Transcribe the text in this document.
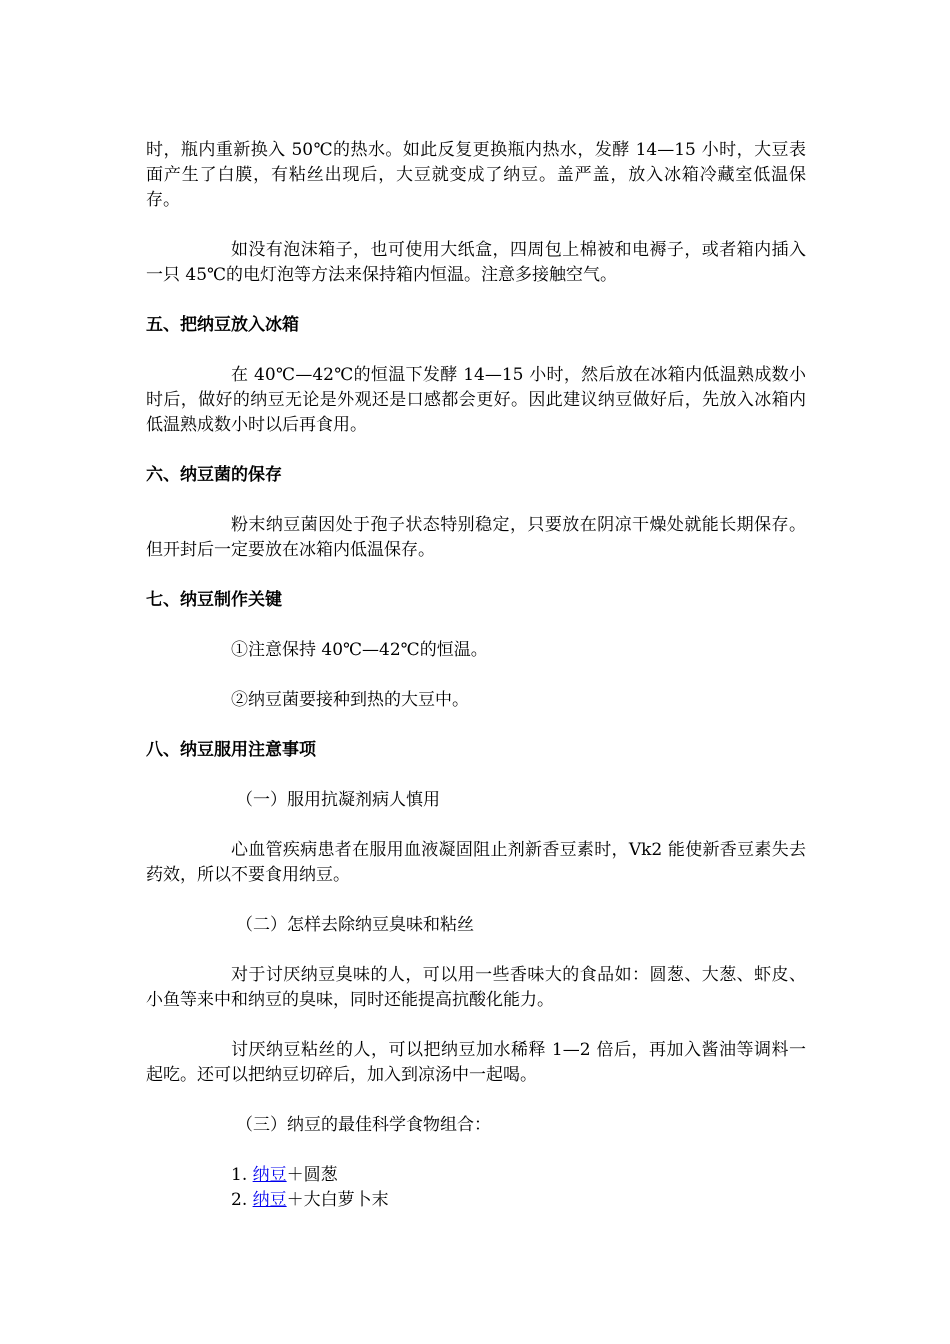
时，瓶内重新换入 50℃的热水。如此反复更换瓶内热水，发酵 14—15 小时，大豆表面产生了白膜，有粘丝出现后，大豆就变成了纳豆。盖严盖，放入冰箱冷藏室低温保存。

如没有泡沫箱子，也可使用大纸盒，四周包上棉被和电褥子，或者箱内插入一只 45℃的电灯泡等方法来保持箱内恒温。注意多接触空气。

五、把纳豆放入冰箱

在 40℃—42℃的恒温下发酵 14—15 小时，然后放在冰箱内低温熟成数小时后，做好的纳豆无论是外观还是口感都会更好。因此建议纳豆做好后，先放入冰箱内低温熟成数小时以后再食用。

六、纳豆菌的保存

粉末纳豆菌因处于孢子状态特别稳定，只要放在阴凉干燥处就能长期保存。但开封后一定要放在冰箱内低温保存。

七、纳豆制作关键

①注意保持 40℃—42℃的恒温。

②纳豆菌要接种到热的大豆中。

八、纳豆服用注意事项

（一）服用抗凝剂病人慎用

心血管疾病患者在服用血液凝固阻止剂新香豆素时，Vk2 能使新香豆素失去药效，所以不要食用纳豆。

（二）怎样去除纳豆臭味和粘丝

对于讨厌纳豆臭味的人，可以用一些香味大的食品如：圆葱、大葱、虾皮、小鱼等来中和纳豆的臭味，同时还能提高抗酸化能力。

讨厌纳豆粘丝的人，可以把纳豆加水稀释 1—2 倍后，再加入酱油等调料一起吃。还可以把纳豆切碎后，加入到凉汤中一起喝。

（三）纳豆的最佳科学食物组合：

1. 纳豆＋圆葱

2. 纳豆＋大白萝卜末
